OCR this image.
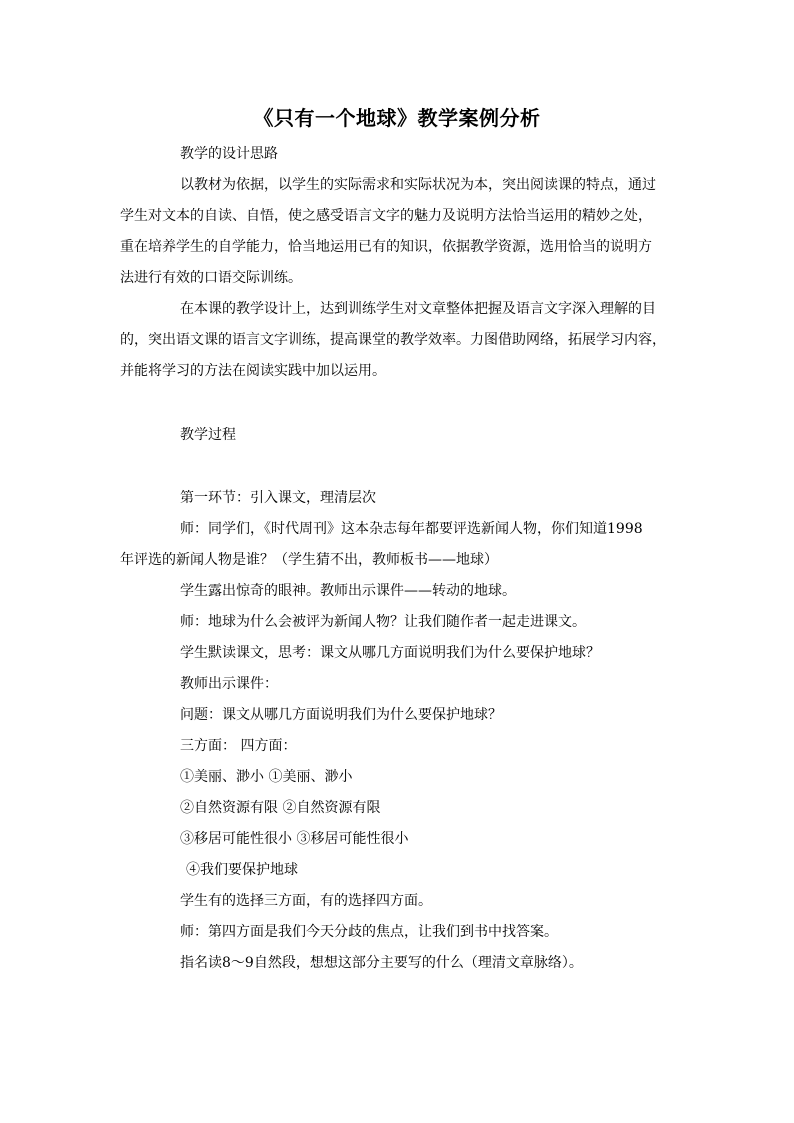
《只有一个地球》教学案例分析
教学的设计思路
以教材为依据，以学生的实际需求和实际状况为本，突出阅读课的特点，通过
学生对文本的自读、自悟，使之感受语言文字的魅力及说明方法恰当运用的精妙之处，
重在培养学生的自学能力，恰当地运用已有的知识，依据教学资源，选用恰当的说明方
法进行有效的口语交际训练。
在本课的教学设计上，达到训练学生对文章整体把握及语言文字深入理解的目
的，突出语文课的语言文字训练，提高课堂的教学效率。力图借助网络，拓展学习内容，
并能将学习的方法在阅读实践中加以运用。
教学过程
第一环节：引入课文，理清层次
师：同学们，《时代周刊》这本杂志每年都要评选新闻人物，你们知道1998
年评选的新闻人物是谁？（学生猜不出，教师板书——地球）
学生露出惊奇的眼神。教师出示课件——转动的地球。
师：地球为什么会被评为新闻人物？让我们随作者一起走进课文。
学生默读课文，思考：课文从哪几方面说明我们为什么要保护地球？
教师出示课件：
问题：课文从哪几方面说明我们为什么要保护地球？
三方面： 四方面：
①美丽、渺小 ①美丽、渺小
②自然资源有限 ②自然资源有限
③移居可能性很小 ③移居可能性很小
④我们要保护地球
学生有的选择三方面，有的选择四方面。
师：第四方面是我们今天分歧的焦点，让我们到书中找答案。
指名读8～9自然段，想想这部分主要写的什么（理清文章脉络）。
